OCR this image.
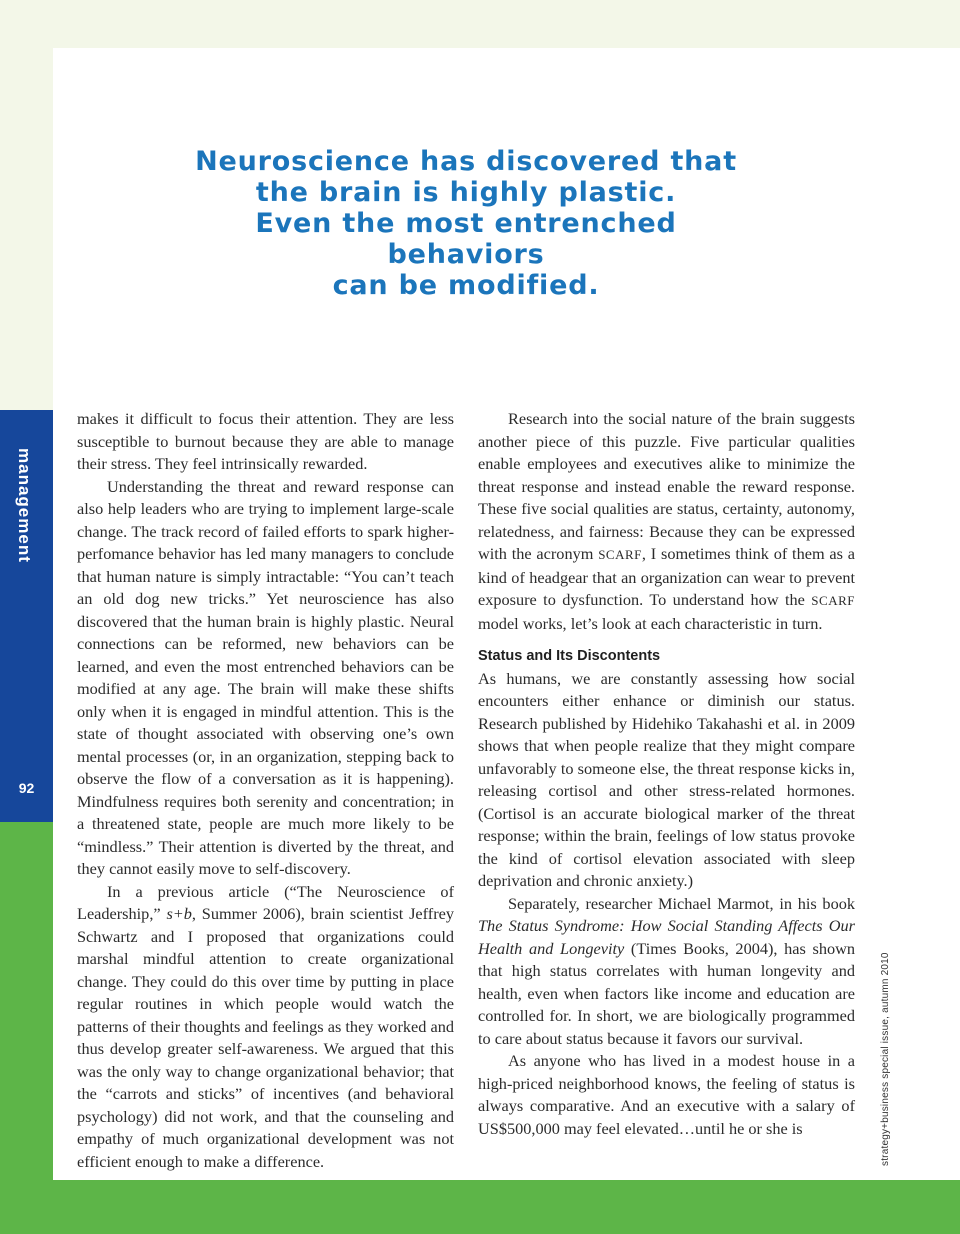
management
92
strategy+business special issue, autumn 2010
Neuroscience has discovered that
the brain is highly plastic.
Even the most entrenched behaviors
can be modified.

makes it difficult to focus their attention. They are less susceptible to burnout because they are able to manage their stress. They feel intrinsically rewarded.

Understanding the threat and reward response can also help leaders who are trying to implement large-scale change. The track record of failed efforts to spark higher-perfomance behavior has led many managers to conclude that human nature is simply intractable: “You can’t teach an old dog new tricks.” Yet neuroscience has also discovered that the human brain is highly plastic. Neural connections can be reformed, new behaviors can be learned, and even the most entrenched behaviors can be modified at any age. The brain will make these shifts only when it is engaged in mindful attention. This is the state of thought associated with observing one’s own mental processes (or, in an organization, stepping back to observe the flow of a conversation as it is happening). Mindfulness requires both serenity and concentration; in a threatened state, people are much more likely to be “mindless.” Their attention is diverted by the threat, and they cannot easily move to self-discovery.

In a previous article (“The Neuroscience of Leadership,” s+b, Summer 2006), brain scientist Jeffrey Schwartz and I proposed that organizations could marshal mindful attention to create organizational change. They could do this over time by putting in place regular routines in which people would watch the patterns of their thoughts and feelings as they worked and thus develop greater self-awareness. We argued that this was the only way to change organizational behavior; that the “carrots and sticks” of incentives (and behavioral psychology) did not work, and that the counseling and empathy of much organizational development was not efficient enough to make a difference.

Research into the social nature of the brain suggests another piece of this puzzle. Five particular qualities enable employees and executives alike to minimize the threat response and instead enable the reward response. These five social qualities are status, certainty, autonomy, relatedness, and fairness: Because they can be expressed with the acronym SCARF, I sometimes think of them as a kind of headgear that an organization can wear to prevent exposure to dysfunction. To understand how the SCARF model works, let’s look at each characteristic in turn.

Status and Its Discontents

As humans, we are constantly assessing how social encounters either enhance or diminish our status. Research published by Hidehiko Takahashi et al. in 2009 shows that when people realize that they might compare unfavorably to someone else, the threat response kicks in, releasing cortisol and other stress-related hormones. (Cortisol is an accurate biological marker of the threat response; within the brain, feelings of low status provoke the kind of cortisol elevation associated with sleep deprivation and chronic anxiety.)

Separately, researcher Michael Marmot, in his book The Status Syndrome: How Social Standing Affects Our Health and Longevity (Times Books, 2004), has shown that high status correlates with human longevity and health, even when factors like income and education are controlled for. In short, we are biologically programmed to care about status because it favors our survival.

As anyone who has lived in a modest house in a high-priced neighborhood knows, the feeling of status is always comparative. And an executive with a salary of US$500,000 may feel elevated…until he or she is
